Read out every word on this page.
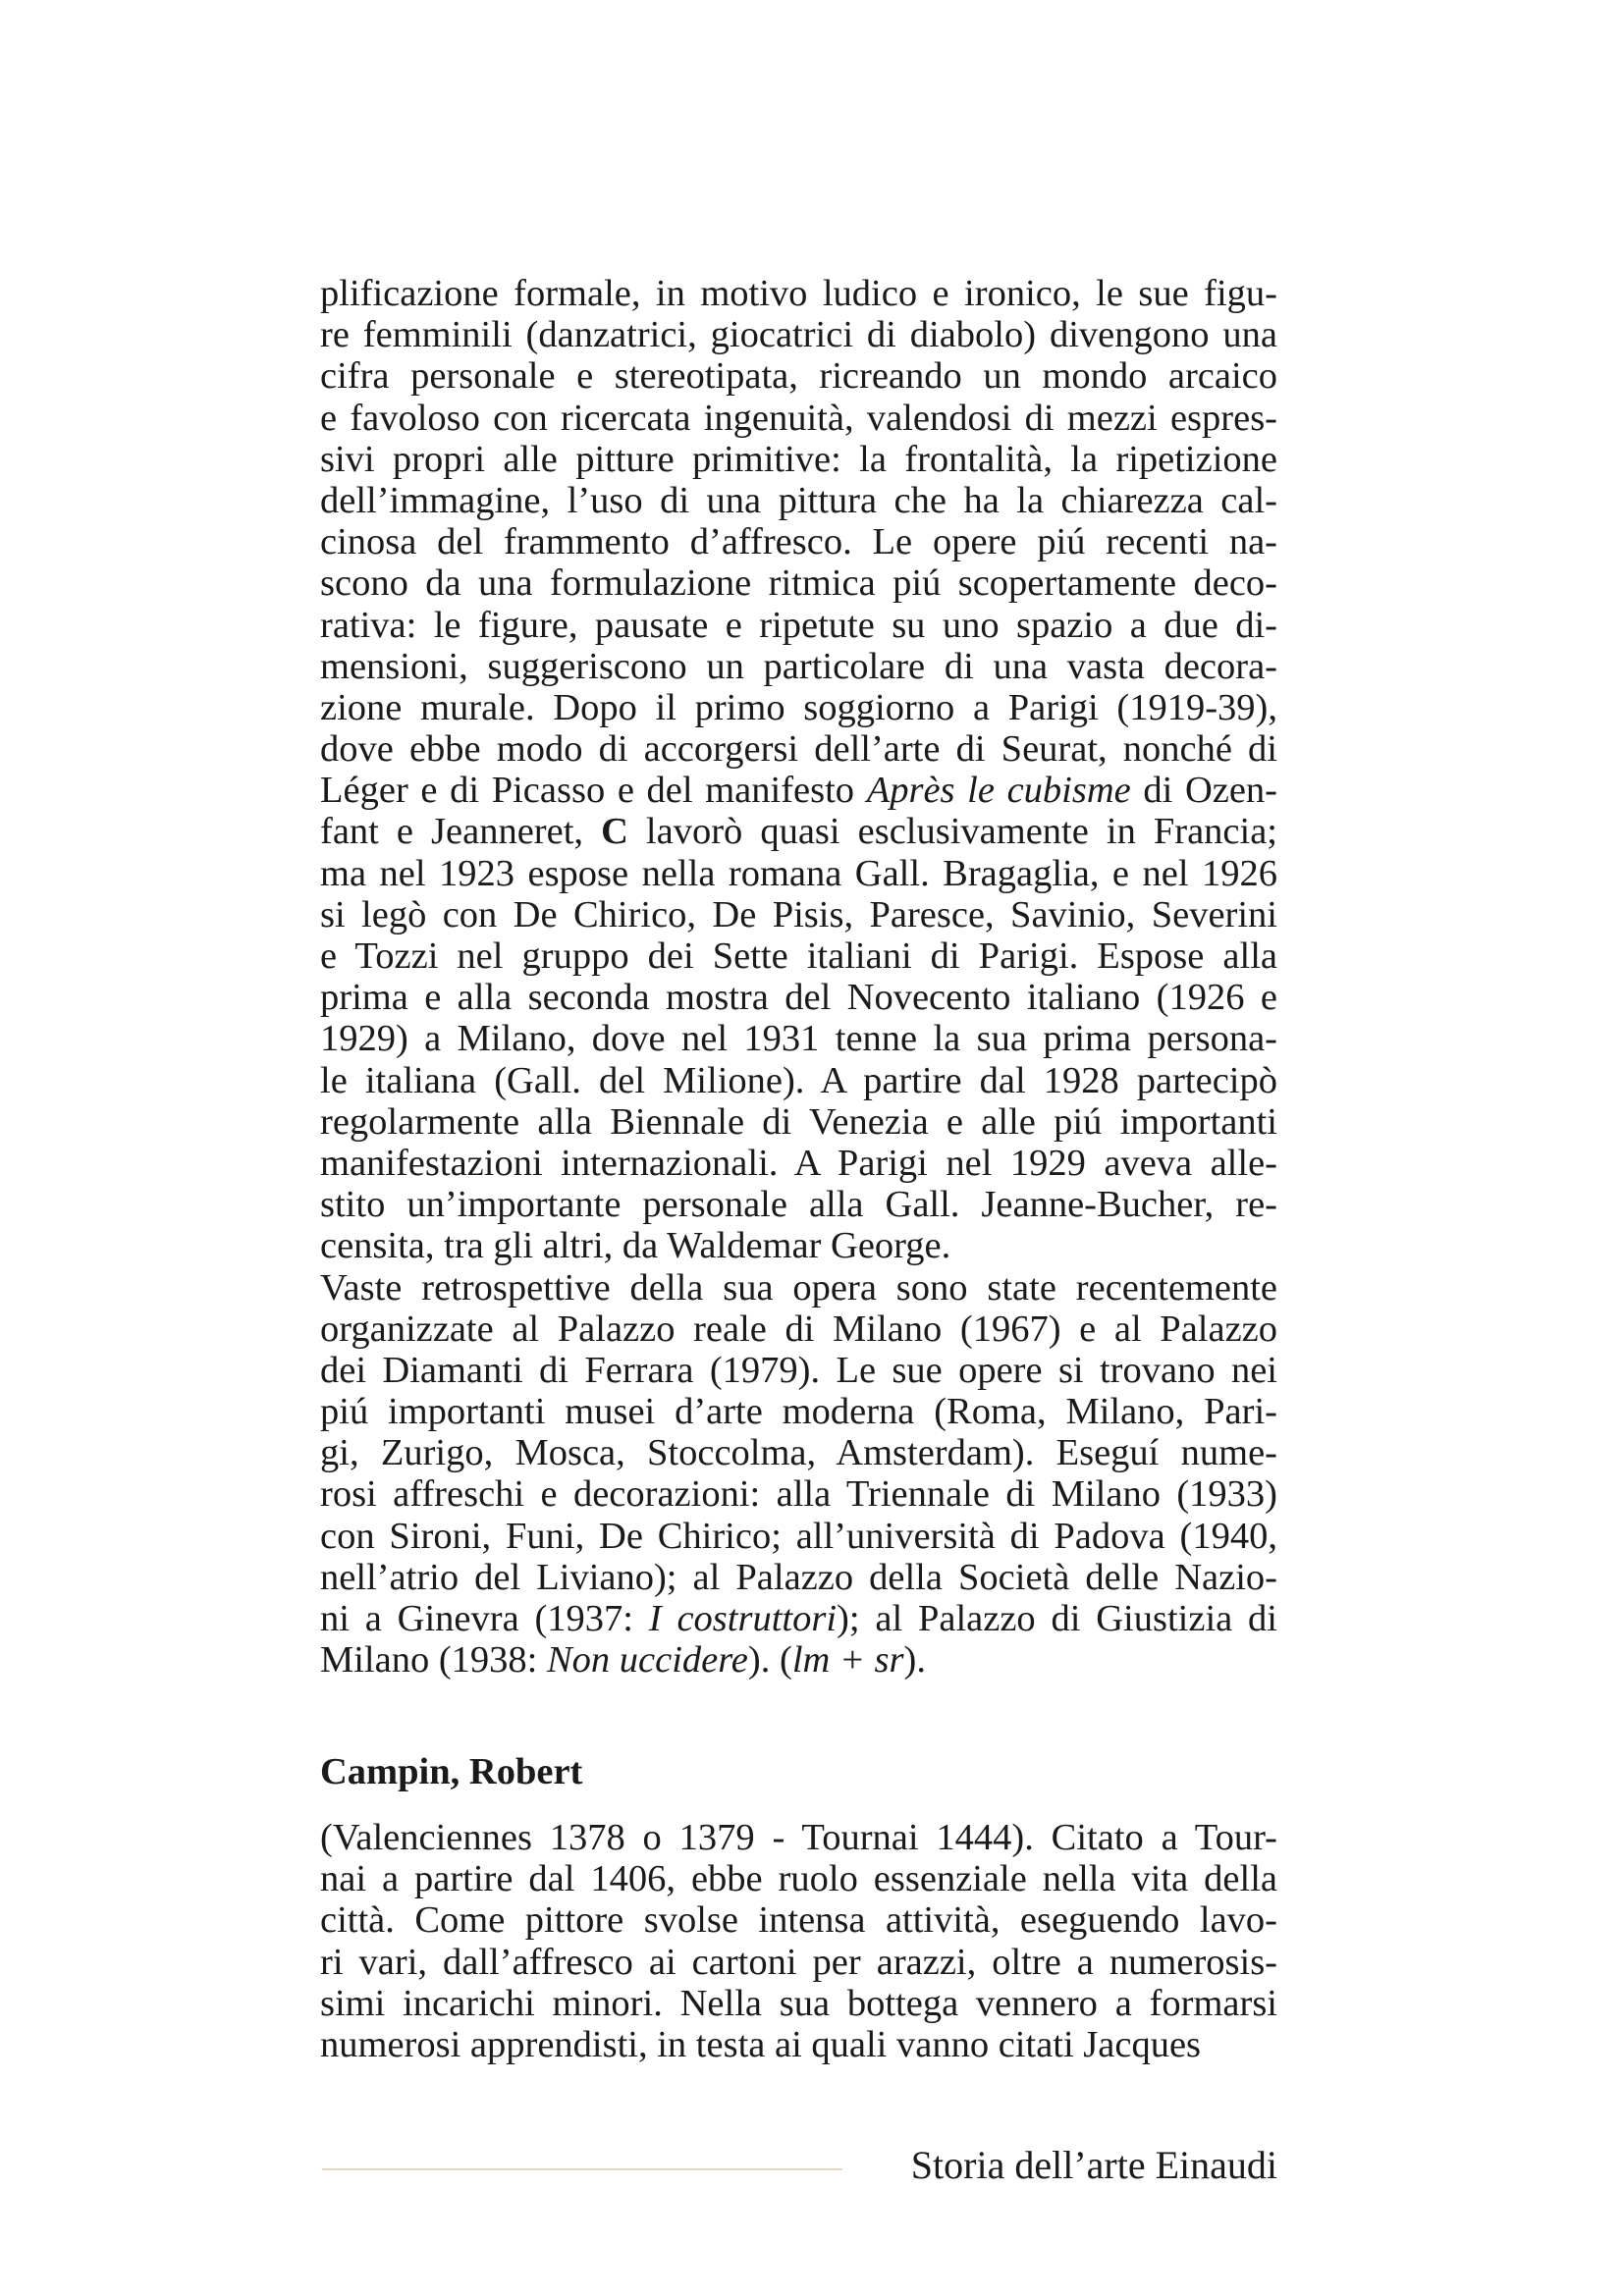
plificazione formale, in motivo ludico e ironico, le sue figu-
re femminili (danzatrici, giocatrici di diabolo) divengono una
cifra personale e stereotipata, ricreando un mondo arcaico
e favoloso con ricercata ingenuità, valendosi di mezzi espres-
sivi propri alle pitture primitive: la frontalità, la ripetizione
dell’immagine, l’uso di una pittura che ha la chiarezza cal-
cinosa del frammento d’affresco. Le opere piú recenti na-
scono da una formulazione ritmica piú scopertamente deco-
rativa: le figure, pausate e ripetute su uno spazio a due di-
mensioni, suggeriscono un particolare di una vasta decora-
zione murale. Dopo il primo soggiorno a Parigi (1919-39),
dove ebbe modo di accorgersi dell’arte di Seurat, nonché di
Léger e di Picasso e del manifesto Après le cubisme di Ozen-
fant e Jeanneret, C lavorò quasi esclusivamente in Francia;
ma nel 1923 espose nella romana Gall. Bragaglia, e nel 1926
si legò con De Chirico, De Pisis, Paresce, Savinio, Severini
e Tozzi nel gruppo dei Sette italiani di Parigi. Espose alla
prima e alla seconda mostra del Novecento italiano (1926 e
1929) a Milano, dove nel 1931 tenne la sua prima persona-
le italiana (Gall. del Milione). A partire dal 1928 partecipò
regolarmente alla Biennale di Venezia e alle piú importanti
manifestazioni internazionali. A Parigi nel 1929 aveva alle-
stito un’importante personale alla Gall. Jeanne-Bucher, re-
censita, tra gli altri, da Waldemar George.
Vaste retrospettive della sua opera sono state recentemente
organizzate al Palazzo reale di Milano (1967) e al Palazzo
dei Diamanti di Ferrara (1979). Le sue opere si trovano nei
piú importanti musei d’arte moderna (Roma, Milano, Pari-
gi, Zurigo, Mosca, Stoccolma, Amsterdam). Eseguí nume-
rosi affreschi e decorazioni: alla Triennale di Milano (1933)
con Sironi, Funi, De Chirico; all’università di Padova (1940,
nell’atrio del Liviano); al Palazzo della Società delle Nazio-
ni a Ginevra (1937: I costruttori); al Palazzo di Giustizia di
Milano (1938: Non uccidere). (lm + sr).
Campin, Robert
(Valenciennes 1378 o 1379 - Tournai 1444). Citato a Tour-
nai a partire dal 1406, ebbe ruolo essenziale nella vita della
città. Come pittore svolse intensa attività, eseguendo lavo-
ri vari, dall’affresco ai cartoni per arazzi, oltre a numerosis-
simi incarichi minori. Nella sua bottega vennero a formarsi
numerosi apprendisti, in testa ai quali vanno citati Jacques
Storia dell’arte Einaudi
